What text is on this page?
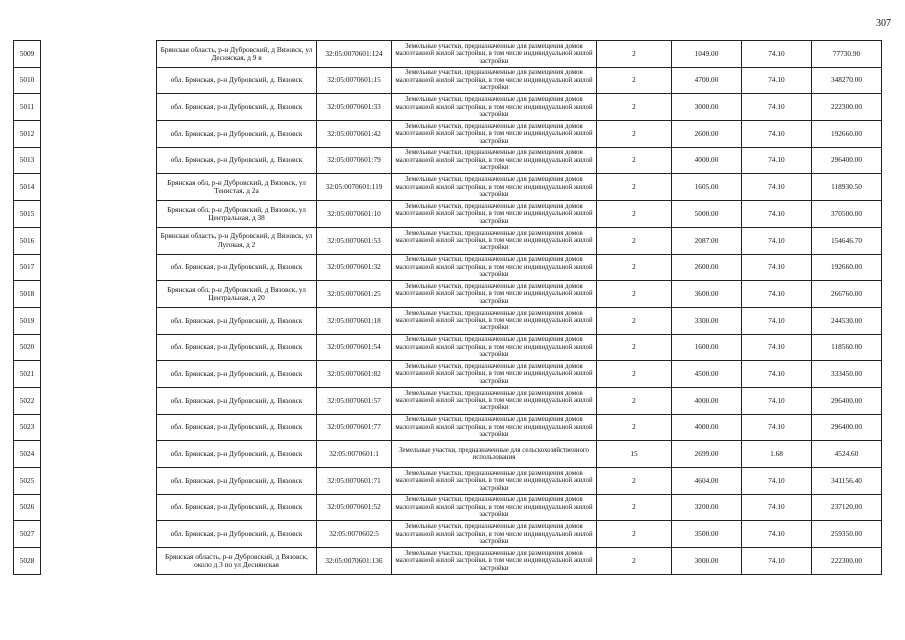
307
5009		Брянская область, р-н Дубровский, д Вязовск, ул Десняская, д 9 в	32:05:0070601:124	Земельные участки, предназначенные для размещения домов малоэтажной жилой застройки, в том числе индивидуальной жилой застройки	2	1049.00	74.10	77730.90
5010		обл. Брянская, р-н Дубровский, д. Вязовск	32:05:0070601:15	Земельные участки, предназначенные для размещения домов малоэтажной жилой застройки, в том числе индивидуальной жилой застройки	2	4700.00	74.10	348270.00
5011		обл. Брянская, р-н Дубровский, д. Вязовск	32:05:0070601:33	Земельные участки, предназначенные для размещения домов малоэтажной жилой застройки, в том числе индивидуальной жилой застройки	2	3000.00	74.10	222300.00
5012		обл. Брянская, р-н Дубровский, д. Вязовск	32:05:0070601:42	Земельные участки, предназначенные для размещения домов малоэтажной жилой застройки, в том числе индивидуальной жилой застройки	2	2600.00	74.10	192660.00
5013		обл. Брянская, р-н Дубровский, д. Вязовск	32:05:0070601:79	Земельные участки, предназначенные для размещения домов малоэтажной жилой застройки, в том числе индивидуальной жилой застройки	2	4000.00	74.10	296400.00
5014		Брянская обл, р-н Дубровский, д Вязовск, ул Тенистая, д 2а	32:05:0070601:119	Земельные участки, предназначенные для размещения домов малоэтажной жилой застройки, в том числе индивидуальной жилой застройки	2	1605.00	74.10	118930.50
5015		Брянская обл, р-н Дубровский, д Вязовск, ул Центральная, д 38	32:05:0070601:10	Земельные участки, предназначенные для размещения домов малоэтажной жилой застройки, в том числе индивидуальной жилой застройки	2	5000.00	74.10	370500.00
5016		Брянская область, р-н Дубровский, д Вязовск, ул Луговая, д 2	32:05:0070601:53	Земельные участки, предназначенные для размещения домов малоэтажной жилой застройки, в том числе индивидуальной жилой застройки	2	2087.00	74.10	154646.70
5017		обл. Брянская, р-н Дубровский, д. Вязовск	32:05:0070601:32	Земельные участки, предназначенные для размещения домов малоэтажной жилой застройки, в том числе индивидуальной жилой застройки	2	2600.00	74.10	192660.00
5018		Брянская обл, р-н Дубровский, д Вязовск, ул Центральная, д 20	32:05:0070601:25	Земельные участки, предназначенные для размещения домов малоэтажной жилой застройки, в том числе индивидуальной жилой застройки	2	3600.00	74.10	266760.00
5019		обл. Брянская, р-н Дубровский, д. Вязовск	32:05:0070601:18	Земельные участки, предназначенные для размещения домов малоэтажной жилой застройки, в том числе индивидуальной жилой застройки	2	3300.00	74.10	244530.00
5020		обл. Брянская, р-н Дубровский, д. Вязовск	32:05:0070601:54	Земельные участки, предназначенные для размещения домов малоэтажной жилой застройки, в том числе индивидуальной жилой застройки	2	1600.00	74.10	118560.00
5021		обл. Брянская, р-н Дубровский, д. Вязовск	32:05:0070601:82	Земельные участки, предназначенные для размещения домов малоэтажной жилой застройки, в том числе индивидуальной жилой застройки	2	4500.00	74.10	333450.00
5022		обл. Брянская, р-н Дубровский, д. Вязовск	32:05:0070601:57	Земельные участки, предназначенные для размещения домов малоэтажной жилой застройки, в том числе индивидуальной жилой застройки	2	4000.00	74.10	296400.00
5023		обл. Брянская, р-н Дубровский, д. Вязовск	32:05:0070601:77	Земельные участки, предназначенные для размещения домов малоэтажной жилой застройки, в том числе индивидуальной жилой застройки	2	4000.00	74.10	296400.00
5024		обл. Брянская, р-н Дубровский, д. Вязовск	32:05:0070601:1	Земельные участки, предназначенные для сельскохозяйственного использования	15	2699.00	1.68	4524.60
5025		обл. Брянская, р-н Дубровский, д. Вязовск	32:05:0070601:71	Земельные участки, предназначенные для размещения домов малоэтажной жилой застройки, в том числе индивидуальной жилой застройки	2	4604.00	74.10	341156.40
5026		обл. Брянская, р-н Дубровский, д. Вязовск	32:05:0070601:52	Земельные участки, предназначенные для размещения домов малоэтажной жилой застройки, в том числе индивидуальной жилой застройки	2	3200.00	74.10	237120.00
5027		обл. Брянская, р-н Дубровский, д. Вязовск	32:05:0070602:5	Земельные участки, предназначенные для размещения домов малоэтажной жилой застройки, в том числе индивидуальной жилой застройки	2	3500.00	74.10	259350.00
5028		Брянская область, р-н Дубровский, д Вязовск, около д 3 по ул Деснянская	32:05:0070601:136	Земельные участки, предназначенные для размещения домов малоэтажной жилой застройки, в том числе индивидуальной жилой застройки	2	3000.00	74.10	222300.00
